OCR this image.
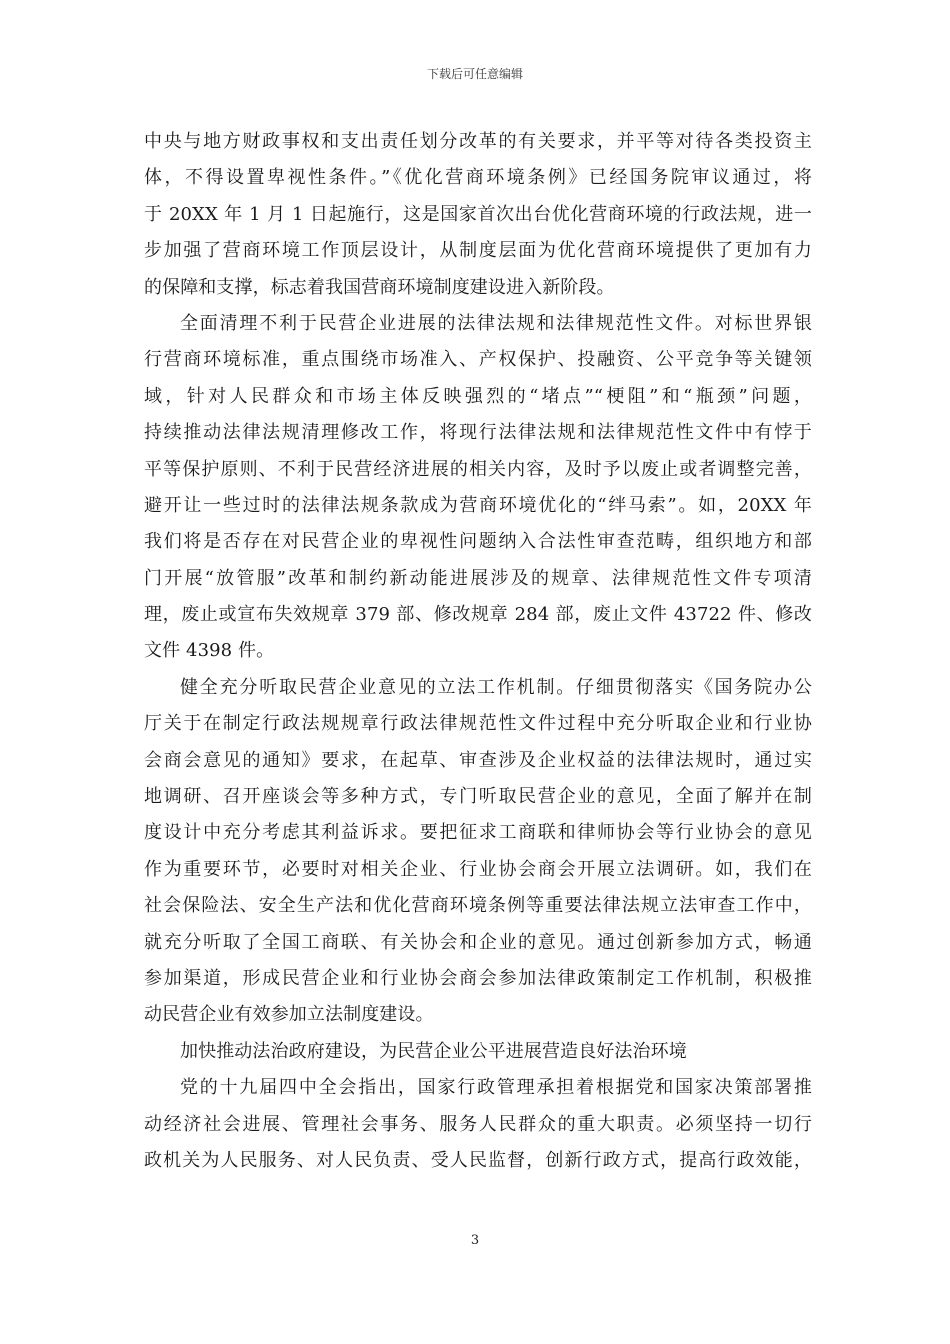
下载后可任意编辑
中央与地方财政事权和支出责任划分改革的有关要求，并平等对待各类投资主
体，不得设置卑视性条件。”《优化营商环境条例》已经国务院审议通过，将
于 20XX 年 1 月 1 日起施行，这是国家首次出台优化营商环境的行政法规，进一
步加强了营商环境工作顶层设计，从制度层面为优化营商环境提供了更加有力
的保障和支撑，标志着我国营商环境制度建设进入新阶段。
全面清理不利于民营企业进展的法律法规和法律规范性文件。对标世界银
行营商环境标准，重点围绕市场准入、产权保护、投融资、公平竞争等关键领
域，针对人民群众和市场主体反映强烈的“堵点”“梗阻”和“瓶颈”问题，
持续推动法律法规清理修改工作，将现行法律法规和法律规范性文件中有悖于
平等保护原则、不利于民营经济进展的相关内容，及时予以废止或者调整完善，
避开让一些过时的法律法规条款成为营商环境优化的“绊马索”。如，20XX 年
我们将是否存在对民营企业的卑视性问题纳入合法性审查范畴，组织地方和部
门开展“放管服”改革和制约新动能进展涉及的规章、法律规范性文件专项清
理，废止或宣布失效规章 379 部、修改规章 284 部，废止文件 43722 件、修改
文件 4398 件。
健全充分听取民营企业意见的立法工作机制。仔细贯彻落实《国务院办公
厅关于在制定行政法规规章行政法律规范性文件过程中充分听取企业和行业协
会商会意见的通知》要求，在起草、审查涉及企业权益的法律法规时，通过实
地调研、召开座谈会等多种方式，专门听取民营企业的意见，全面了解并在制
度设计中充分考虑其利益诉求。要把征求工商联和律师协会等行业协会的意见
作为重要环节，必要时对相关企业、行业协会商会开展立法调研。如，我们在
社会保险法、安全生产法和优化营商环境条例等重要法律法规立法审查工作中，
就充分听取了全国工商联、有关协会和企业的意见。通过创新参加方式，畅通
参加渠道，形成民营企业和行业协会商会参加法律政策制定工作机制，积极推
动民营企业有效参加立法制度建设。
加快推动法治政府建设，为民营企业公平进展营造良好法治环境
党的十九届四中全会指出，国家行政管理承担着根据党和国家决策部署推
动经济社会进展、管理社会事务、服务人民群众的重大职责。必须坚持一切行
政机关为人民服务、对人民负责、受人民监督，创新行政方式，提高行政效能，
3
